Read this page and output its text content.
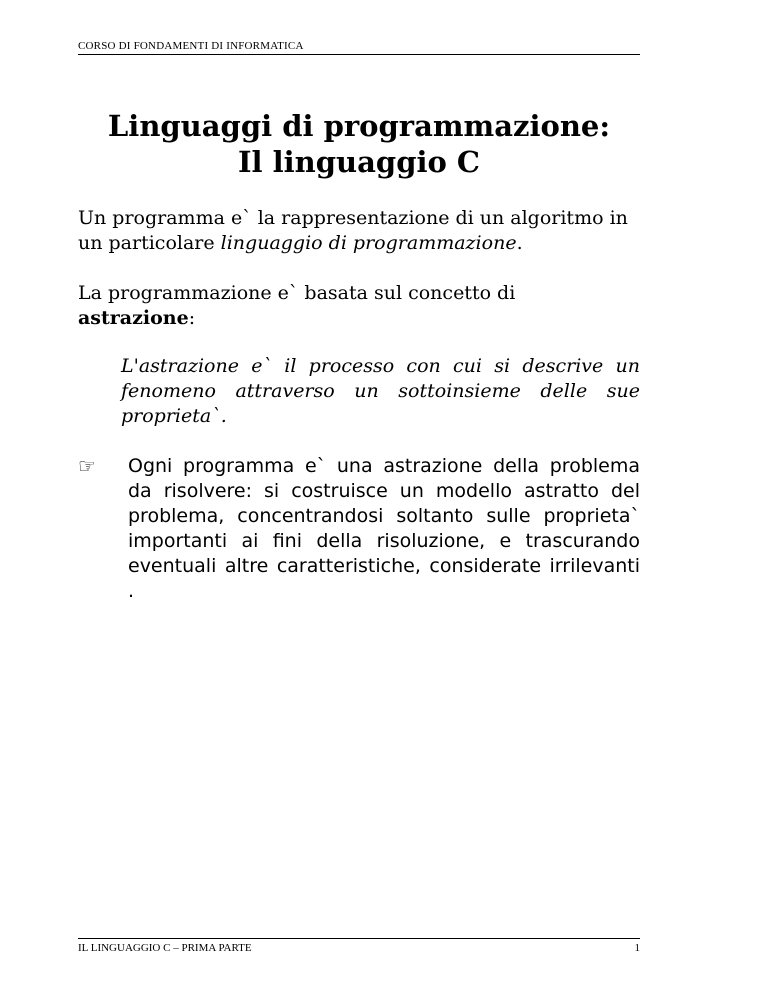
CORSO DI FONDAMENTI DI INFORMATICA
Linguaggi di programmazione:
Il linguaggio C
Un programma e` la rappresentazione di un algoritmo in un particolare linguaggio di programmazione.
La programmazione e` basata sul concetto di
astrazione:
L'astrazione e` il processo con cui si descrive un fenomeno attraverso un sottoinsieme delle sue proprieta`.
☞ Ogni programma e` una astrazione della problema da risolvere: si costruisce un modello astratto del problema, concentrandosi soltanto sulle proprieta` importanti ai fini della risoluzione, e trascurando eventuali altre caratteristiche, considerate irrilevanti .
IL LINGUAGGIO C – PRIMA PARTE	1
